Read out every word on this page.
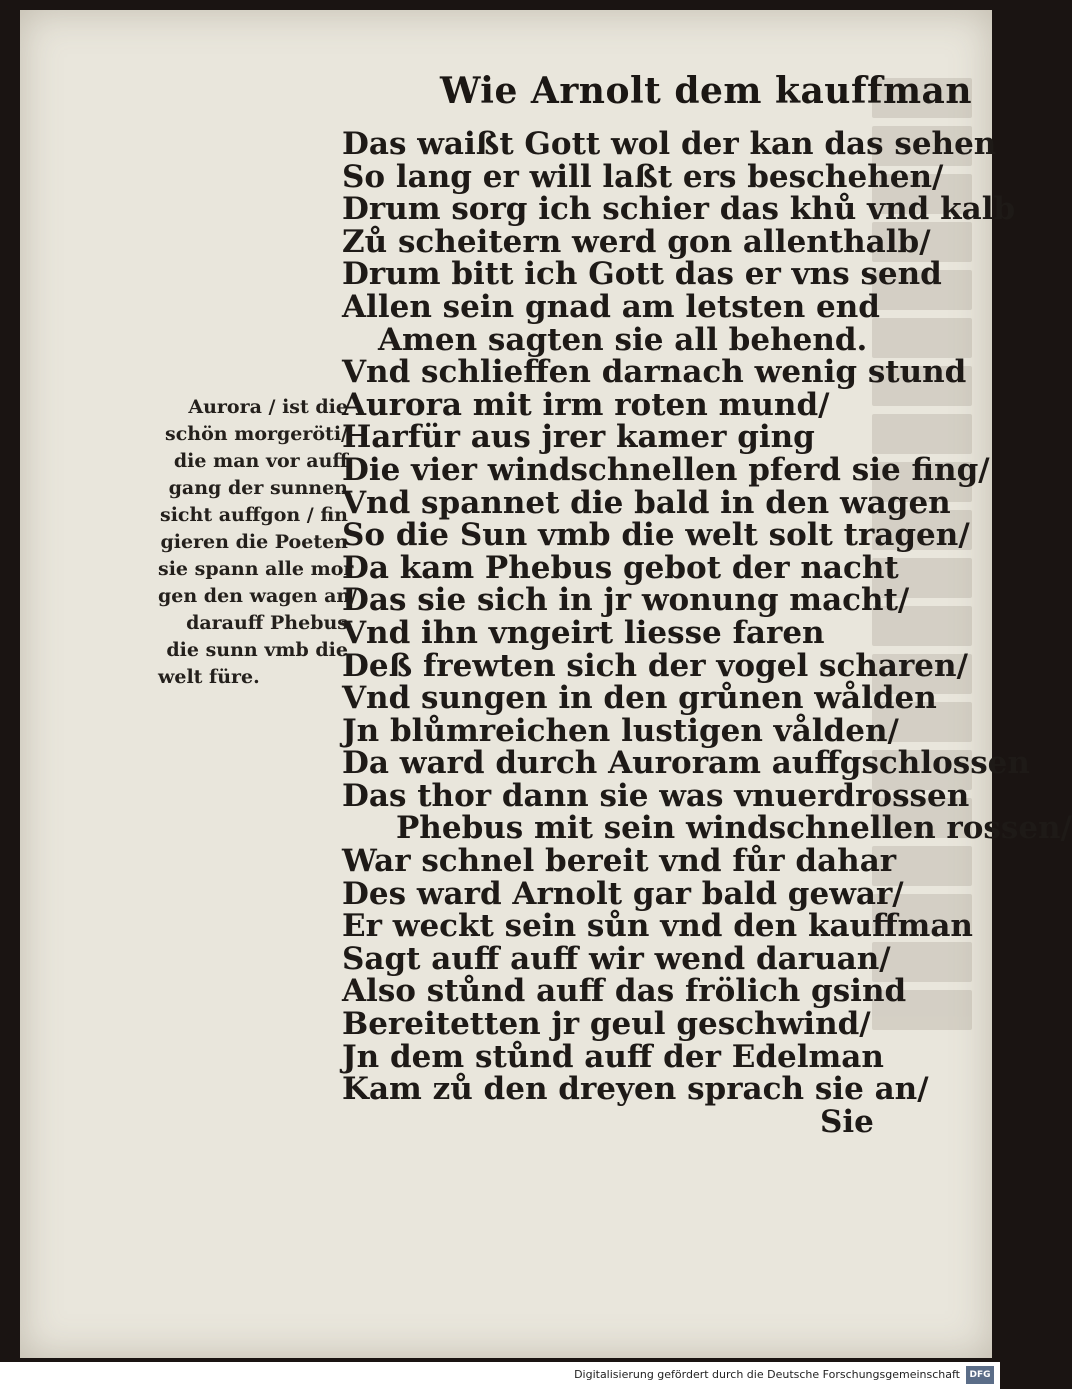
Wie Arnolt dem kauffman
Aurora / ist die
schön morgeröti/
die man vor auff
gang der sunnen
sicht auffgon / fin
gieren die Poeten
sie spann alle mor
gen den wagen an/
darauff Phebus
die sunn vmb die
welt füre.
Das waißt Gott wol der kan das sehen
So lang er will laßt ers beschehen/
Drum sorg ich schier das khů vnd kalb
Zů scheitern werd gon allenthalb/
Drum bitt ich Gott das er vns send
Allen sein gnad am letsten end
Amen sagten sie all behend.
Vnd schlieffen darnach wenig stund
Aurora mit irm roten mund/
Harfür aus jrer kamer ging
Die vier windschnellen pferd sie fing/
Vnd spannet die bald in den wagen
So die Sun vmb die welt solt tragen/
Da kam Phebus gebot der nacht
Das sie sich in jr wonung macht/
Vnd ihn vngeirt liesse faren
Deß frewten sich der vogel scharen/
Vnd sungen in den grůnen wålden
Jn blůmreichen lustigen vålden/
Da ward durch Auroram auffgschlossen
Das thor dann sie was vnuerdrossen
Phebus mit sein windschnellen rossen/
War schnel bereit vnd fůr dahar
Des ward Arnolt gar bald gewar/
Er weckt sein sůn vnd den kauffman
Sagt auff auff wir wend daruan/
Also stůnd auff das frölich gsind
Bereitetten jr geul geschwind/
Jn dem stůnd auff der Edelman
Kam zů den dreyen sprach sie an/
Sie
Digitalisierung gefördert durch die Deutsche Forschungsgemeinschaft	DFG
